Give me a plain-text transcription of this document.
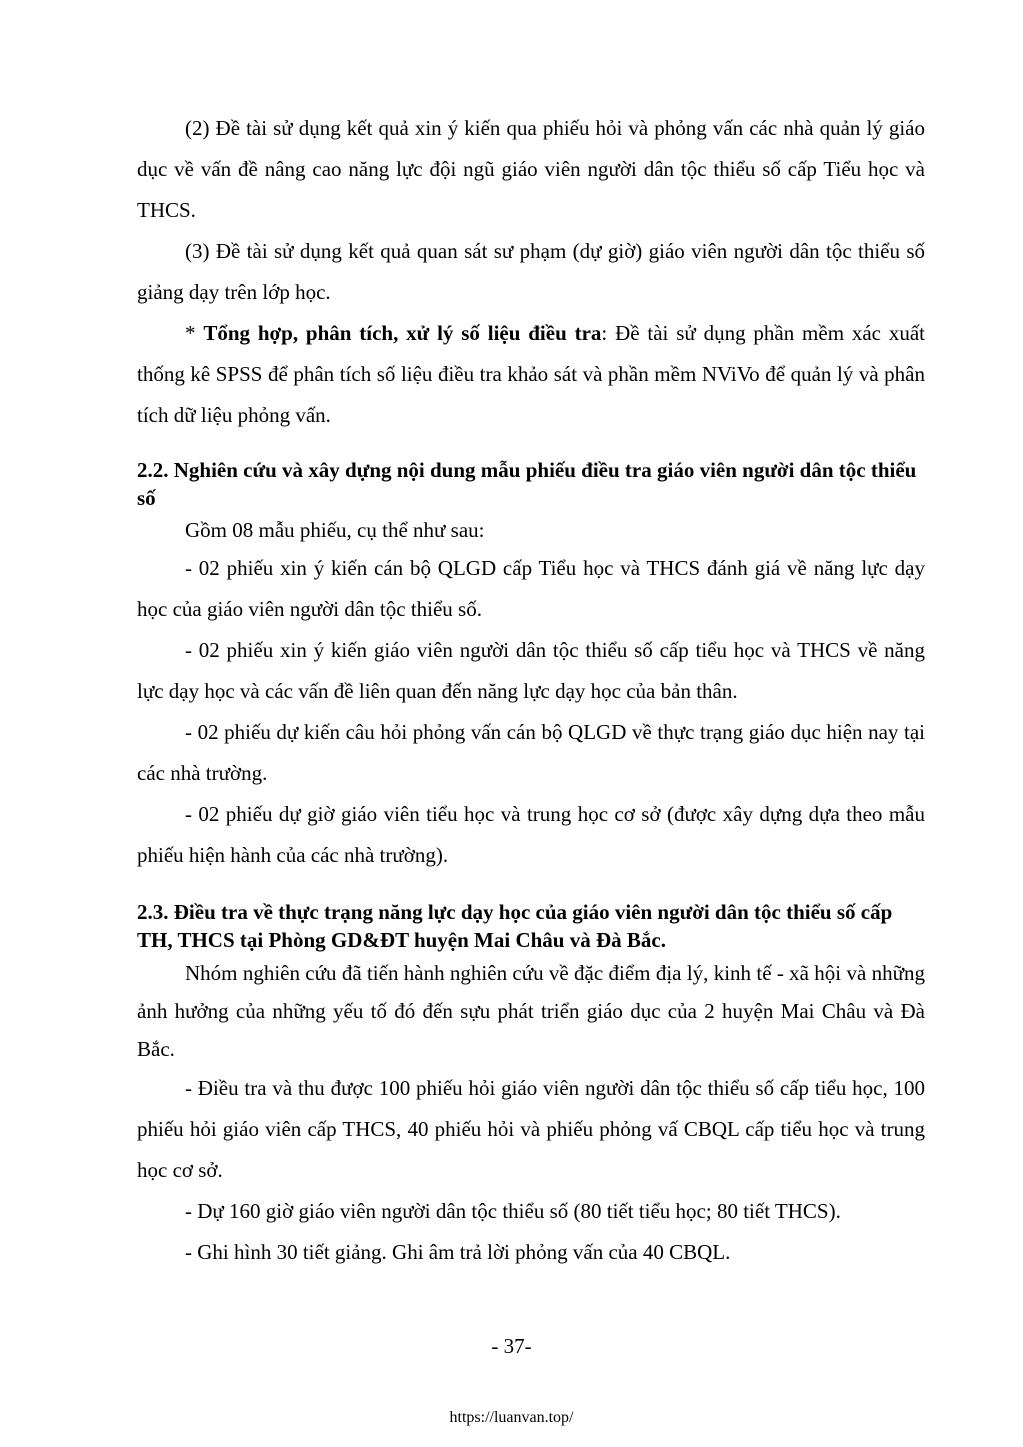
(2) Đề tài sử dụng kết quả xin ý kiến qua phiếu hỏi và phỏng vấn các nhà quản lý giáo dục về vấn đề nâng cao năng lực đội ngũ giáo viên người dân tộc thiểu số cấp Tiểu học và THCS.

(3) Đề tài sử dụng kết quả quan sát sư phạm (dự giờ) giáo viên người dân tộc thiểu số giảng dạy trên lớp học.

* Tổng hợp, phân tích, xử lý số liệu điều tra: Đề tài sử dụng phần mềm xác xuất thống kê SPSS để phân tích số liệu điều tra khảo sát và phần mềm NViVo để quản lý và phân tích dữ liệu phỏng vấn.

2.2. Nghiên cứu và xây dựng nội dung mẫu phiếu điều tra giáo viên người dân tộc thiểu số

Gồm 08 mẫu phiếu, cụ thể như sau:

- 02 phiếu xin ý kiến cán bộ QLGD cấp Tiểu học và THCS đánh giá về năng lực dạy học của giáo viên người dân tộc thiểu số.

- 02 phiếu xin ý kiến giáo viên người dân tộc thiểu số cấp tiểu học và THCS về năng lực dạy học và các vấn đề liên quan đến năng lực dạy học của bản thân.

- 02 phiếu dự kiến câu hỏi phỏng vấn cán bộ QLGD về thực trạng giáo dục hiện nay tại các nhà trường.

- 02 phiếu dự giờ giáo viên tiểu học và trung học cơ sở (được xây dựng dựa theo mẫu phiếu hiện hành của các nhà trường).

2.3. Điều tra về thực trạng năng lực dạy học của giáo viên người dân tộc thiểu số cấp TH, THCS tại Phòng GD&ĐT huyện Mai Châu và Đà Bắc.

Nhóm nghiên cứu đã tiến hành nghiên cứu về đặc điểm địa lý, kinh tế - xã hội và những ảnh hưởng của những yếu tố đó đến sựu phát triển giáo dục của 2 huyện Mai Châu và Đà Bắc.

- Điều tra và thu được 100 phiếu hỏi giáo viên người dân tộc thiểu số cấp tiểu học, 100 phiếu hỏi giáo viên cấp THCS, 40 phiếu hỏi và phiếu phỏng vấ CBQL cấp tiểu học và trung học cơ sở.

- Dự 160 giờ giáo viên người dân tộc thiểu số (80 tiết tiểu học; 80 tiết THCS).

- Ghi hình 30 tiết giảng. Ghi âm trả lời phỏng vấn của 40 CBQL.

- 37-
https://luanvan.top/
